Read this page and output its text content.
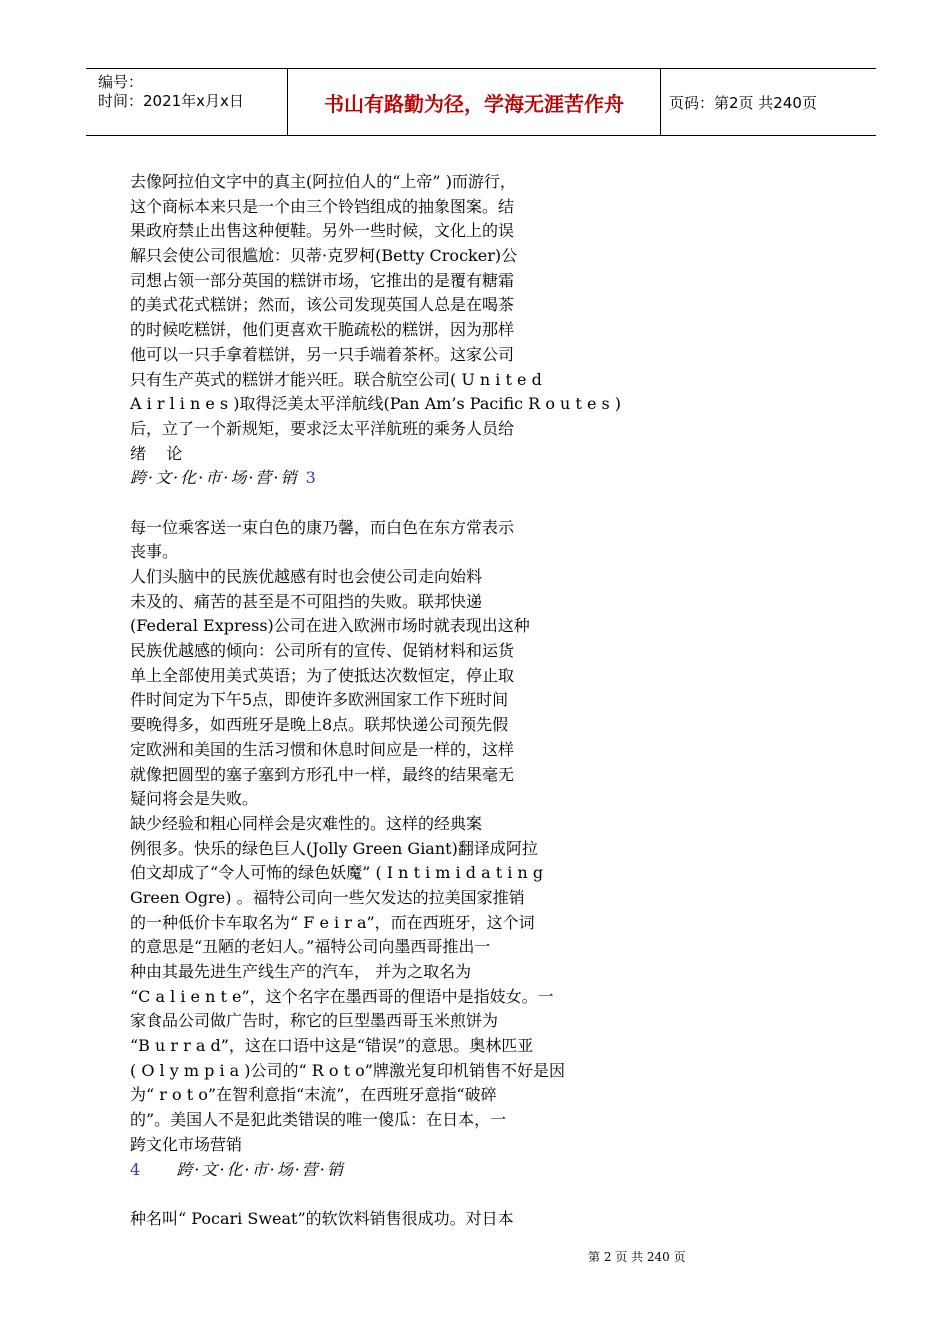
编号：
时间：2021年x月x日	书山有路勤为径，学海无涯苦作舟	页码：第2页 共240页
去像阿拉伯文字中的真主(阿拉伯人的“上帝” )而游行，
这个商标本来只是一个由三个铃铛组成的抽象图案。结
果政府禁止出售这种便鞋。另外一些时候，文化上的误
解只会使公司很尴尬：贝蒂·克罗柯(Betty Crocker)公
司想占领一部分英国的糕饼市场，它推出的是覆有糖霜
的美式花式糕饼；然而，该公司发现英国人总是在喝茶
的时候吃糕饼，他们更喜欢干脆疏松的糕饼，因为那样
他可以一只手拿着糕饼，另一只手端着茶杯。这家公司
只有生产英式的糕饼才能兴旺。联合航空公司( U n i t e d
A i r l i n e s )取得泛美太平洋航线(Pan Am’s Pacific R o u t e s )
后，立了一个新规矩，要求泛太平洋航班的乘务人员给
绪    论
跨·文·化·市·场·营·销 3
每一位乘客送一束白色的康乃馨，而白色在东方常表示
丧事。
人们头脑中的民族优越感有时也会使公司走向始料
未及的、痛苦的甚至是不可阻挡的失败。联邦快递
(Federal Express)公司在进入欧洲市场时就表现出这种
民族优越感的倾向：公司所有的宣传、促销材料和运货
单上全部使用美式英语；为了使抵达次数恒定，停止取
件时间定为下午5点，即使许多欧洲国家工作下班时间
要晚得多，如西班牙是晚上8点。联邦快递公司预先假
定欧洲和美国的生活习惯和休息时间应是一样的，这样
就像把圆型的塞子塞到方形孔中一样，最终的结果毫无
疑问将会是失败。
缺少经验和粗心同样会是灾难性的。这样的经典案
例很多。快乐的绿色巨人(Jolly Green Giant)翻译成阿拉
伯文却成了“令人可怖的绿色妖魔” ( I n t i m i d a t i n g
Green Ogre) 。福特公司向一些欠发达的拉美国家推销
的一种低价卡车取名为“ F e i r a”，而在西班牙，这个词
的意思是“丑陋的老妇人。”福特公司向墨西哥推出一
种由其最先进生产线生产的汽车， 并为之取名为
“C a l i e n t e”，这个名字在墨西哥的俚语中是指妓女。一
家食品公司做广告时，称它的巨型墨西哥玉米煎饼为
“B u r r a d”，这在口语中这是“错误”的意思。奥林匹亚
( O l y m p i a )公司的“ R o t o”牌激光复印机销售不好是因
为“ r o t o”在智利意指“末流”，在西班牙意指“破碎
的”。美国人不是犯此类错误的唯一傻瓜：在日本，一
跨文化市场营销
4 跨·文·化·市·场·营·销
种名叫“ Pocari Sweat”的软饮料销售很成功。对日本
第 2 页 共 240 页
